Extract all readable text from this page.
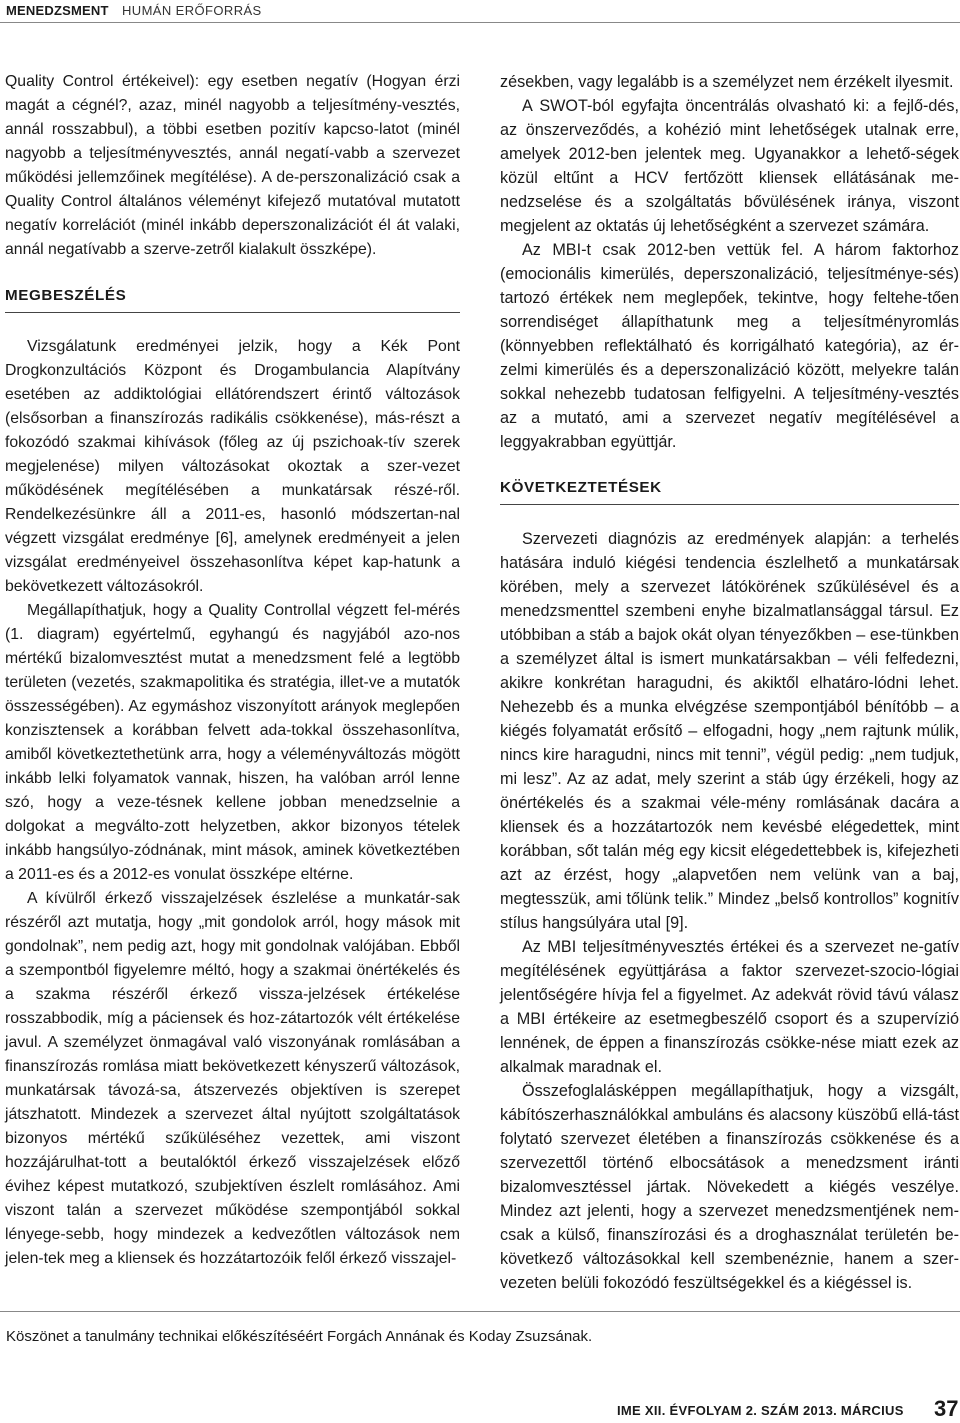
MENEDZSMENT HUMÁN ERŐFORRÁS

Quality Control értékeivel): egy esetben negatív (Hogyan érzi magát a cégnél?, azaz, minél nagyobb a teljesítmény-vesztés, annál rosszabbul), a többi esetben pozitív kapcso-latot (minél nagyobb a teljesítményvesztés, annál negatí-vabb a szervezet működési jellemzőinek megítélése). A de-perszonalizáció csak a Quality Control általános véleményt kifejező mutatóval mutatott negatív korrelációt (minél inkább deperszonalizációt él át valaki, annál negatívabb a szerve-zetről kialakult összképe).

MEGBESZÉLÉS

Vizsgálatunk eredményei jelzik, hogy a Kék Pont Drogkonzultációs Központ és Drogambulancia Alapítvány esetében az addiktológiai ellátórendszert érintő változások (elsősorban a finanszírozás radikális csökkenése), más-részt a fokozódó szakmai kihívások (főleg az új pszichoak-tív szerek megjelenése) milyen változásokat okoztak a szer-vezet működésének megítélésében a munkatársak részé-ről. Rendelkezésünkre áll a 2011-es, hasonló módszertan-nal végzett vizsgálat eredménye [6], amelynek eredményeit a jelen vizsgálat eredményeivel összehasonlítva képet kap-hatunk a bekövetkezett változásokról.

Megállapíthatjuk, hogy a Quality Controllal végzett fel-mérés (1. diagram) egyértelmű, egyhangú és nagyjából azo-nos mértékű bizalomvesztést mutat a menedzsment felé a legtöbb területen (vezetés, szakmapolitika és stratégia, illet-ve a mutatók összességében). Az egymáshoz viszonyított arányok meglepően konzisztensek a korábban felvett ada-tokkal összehasonlítva, amiből következtethetünk arra, hogy a véleményváltozás mögött inkább lelki folyamatok vannak, hiszen, ha valóban arról lenne szó, hogy a veze-tésnek kellene jobban menedzselnie a dolgokat a megválto-zott helyzetben, akkor bizonyos tételek inkább hangsúlyo-zódnának, mint mások, aminek következtében a 2011-es és a 2012-es vonulat összképe eltérne.

A kívülről érkező visszajelzések észlelése a munkatár-sak részéről azt mutatja, hogy „mit gondolok arról, hogy mások mit gondolnak”, nem pedig azt, hogy mit gondolnak valójában. Ebből a szempontból figyelemre méltó, hogy a szakmai önértékelés és a szakma részéről érkező vissza-jelzések értékelése rosszabbodik, míg a páciensek és hoz-zátartozók vélt értékelése javul. A személyzet önmagával való viszonyának romlásában a finanszírozás romlása miatt bekövetkezett kényszerű változások, munkatársak távozá-sa, átszervezés objektíven is szerepet játszhatott. Mindezek a szervezet által nyújtott szolgáltatások bizonyos mértékű szűküléséhez vezettek, ami viszont hozzájárulhat-tott a beutalóktól érkező visszajelzések előző évihez képest mutatkozó, szubjektíven észlelt romlásához. Ami viszont talán a szervezet működése szempontjából sokkal lényege-sebb, hogy mindezek a kedvezőtlen változások nem jelen-tek meg a kliensek és hozzátartozóik felől érkező visszajel-

zésekben, vagy legalább is a személyzet nem érzékelt ilyesmit.

A SWOT-ból egyfajta öncentrálás olvasható ki: a fejlő-dés, az önszerveződés, a kohézió mint lehetőségek utalnak erre, amelyek 2012-ben jelentek meg. Ugyanakkor a lehető-ségek közül eltűnt a HCV fertőzött kliensek ellátásának me-nedzselése és a szolgáltatás bővülésének iránya, viszont megjelent az oktatás új lehetőségként a szervezet számára.

Az MBI-t csak 2012-ben vettük fel. A három faktorhoz (emocionális kimerülés, deperszonalizáció, teljesítménye-sés) tartozó értékek nem meglepőek, tekintve, hogy feltehe-tően sorrendiséget állapíthatunk meg a teljesítményromlás (könnyebben reflektálható és korrigálható kategória), az ér-zelmi kimerülés és a deperszonalizáció között, melyekre talán sokkal nehezebb tudatosan felfigyelni. A teljesítmény-vesztés az a mutató, ami a szervezet negatív megítélésével a leggyakrabban együttjár.

KÖVETKEZTETÉSEK

Szervezeti diagnózis az eredmények alapján: a terhelés hatására induló kiégési tendencia észlelhető a munkatársak körében, mely a szervezet látókörének szűkülésével és a menedzsmenttel szembeni enyhe bizalmatlansággal társul. Ez utóbbiban a stáb a bajok okát olyan tényezőkben – ese-tünkben a személyzet által is ismert munkatársakban – véli felfedezni, akikre konkrétan haragudni, és akiktől elhatáro-lódni lehet. Nehezebb és a munka elvégzése szempontjából bénítóbb – a kiégés folyamatát erősítő – elfogadni, hogy „nem rajtunk múlik, nincs kire haragudni, nincs mit tenni”, végül pedig: „nem tudjuk, mi lesz”. Az az adat, mely szerint a stáb úgy érzékeli, hogy az önértékelés és a szakmai véle-mény romlásának dacára a kliensek és a hozzátartozók nem kevésbé elégedettek, mint korábban, sőt talán még egy kicsit elégedettebbek is, kifejezheti azt az érzést, hogy „alapvetően nem velünk van a baj, megtesszük, ami tőlünk telik.” Mindez „belső kontrollos” kognitív stílus hangsúlyára utal [9].

Az MBI teljesítményvesztés értékei és a szervezet ne-gatív megítélésének együttjárása a faktor szervezet-szocio-lógiai jelentőségére hívja fel a figyelmet. Az adekvát rövid távú válasz a MBI értékeire az esetmegbeszélő csoport és a szupervízió lennének, de éppen a finanszírozás csökke-nése miatt ezek az alkalmak maradnak el.

Összefoglalásképpen megállapíthatjuk, hogy a vizsgált, kábítószerhasználókkal ambuláns és alacsony küszöbű ellá-tást folytató szervezet életében a finanszírozás csökkenése és a szervezettől történő elbocsátások a menedzsment iránti bizalomvesztéssel jártak. Növekedett a kiégés veszélye. Mindez azt jelenti, hogy a szervezet menedzsmentjének nem-csak a külső, finanszírozási és a droghasználat területén be-következő változásokkal kell szembenéznie, hanem a szer-vezeten belüli fokozódó feszültségekkel és a kiégéssel is.

Köszönet a tanulmány technikai előkészítéséért Forgách Annának és Koday Zsuzsának.
IME XII. ÉVFOLYAM 2. SZÁM 2013. MÁRCIUS 37
